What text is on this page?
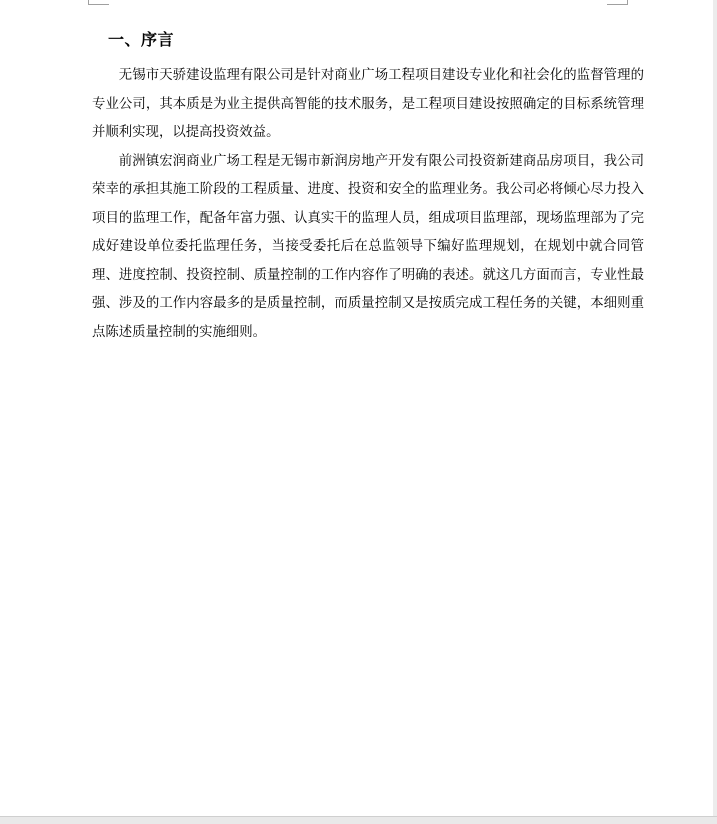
一、序言

无锡市天骄建设监理有限公司是针对商业广场工程项目建设专业化和社会化的监督管理的专业公司，其本质是为业主提供高智能的技术服务，是工程项目建设按照确定的目标系统管理并顺利实现，以提高投资效益。

前洲镇宏润商业广场工程是无锡市新润房地产开发有限公司投资新建商品房项目，我公司荣幸的承担其施工阶段的工程质量、进度、投资和安全的监理业务。我公司必将倾心尽力投入项目的监理工作，配备年富力强、认真实干的监理人员，组成项目监理部，现场监理部为了完成好建设单位委托监理任务，当接受委托后在总监领导下编好监理规划，在规划中就合同管理、进度控制、投资控制、质量控制的工作内容作了明确的表述。就这几方面而言，专业性最强、涉及的工作内容最多的是质量控制，而质量控制又是按质完成工程任务的关键，本细则重点陈述质量控制的实施细则。
